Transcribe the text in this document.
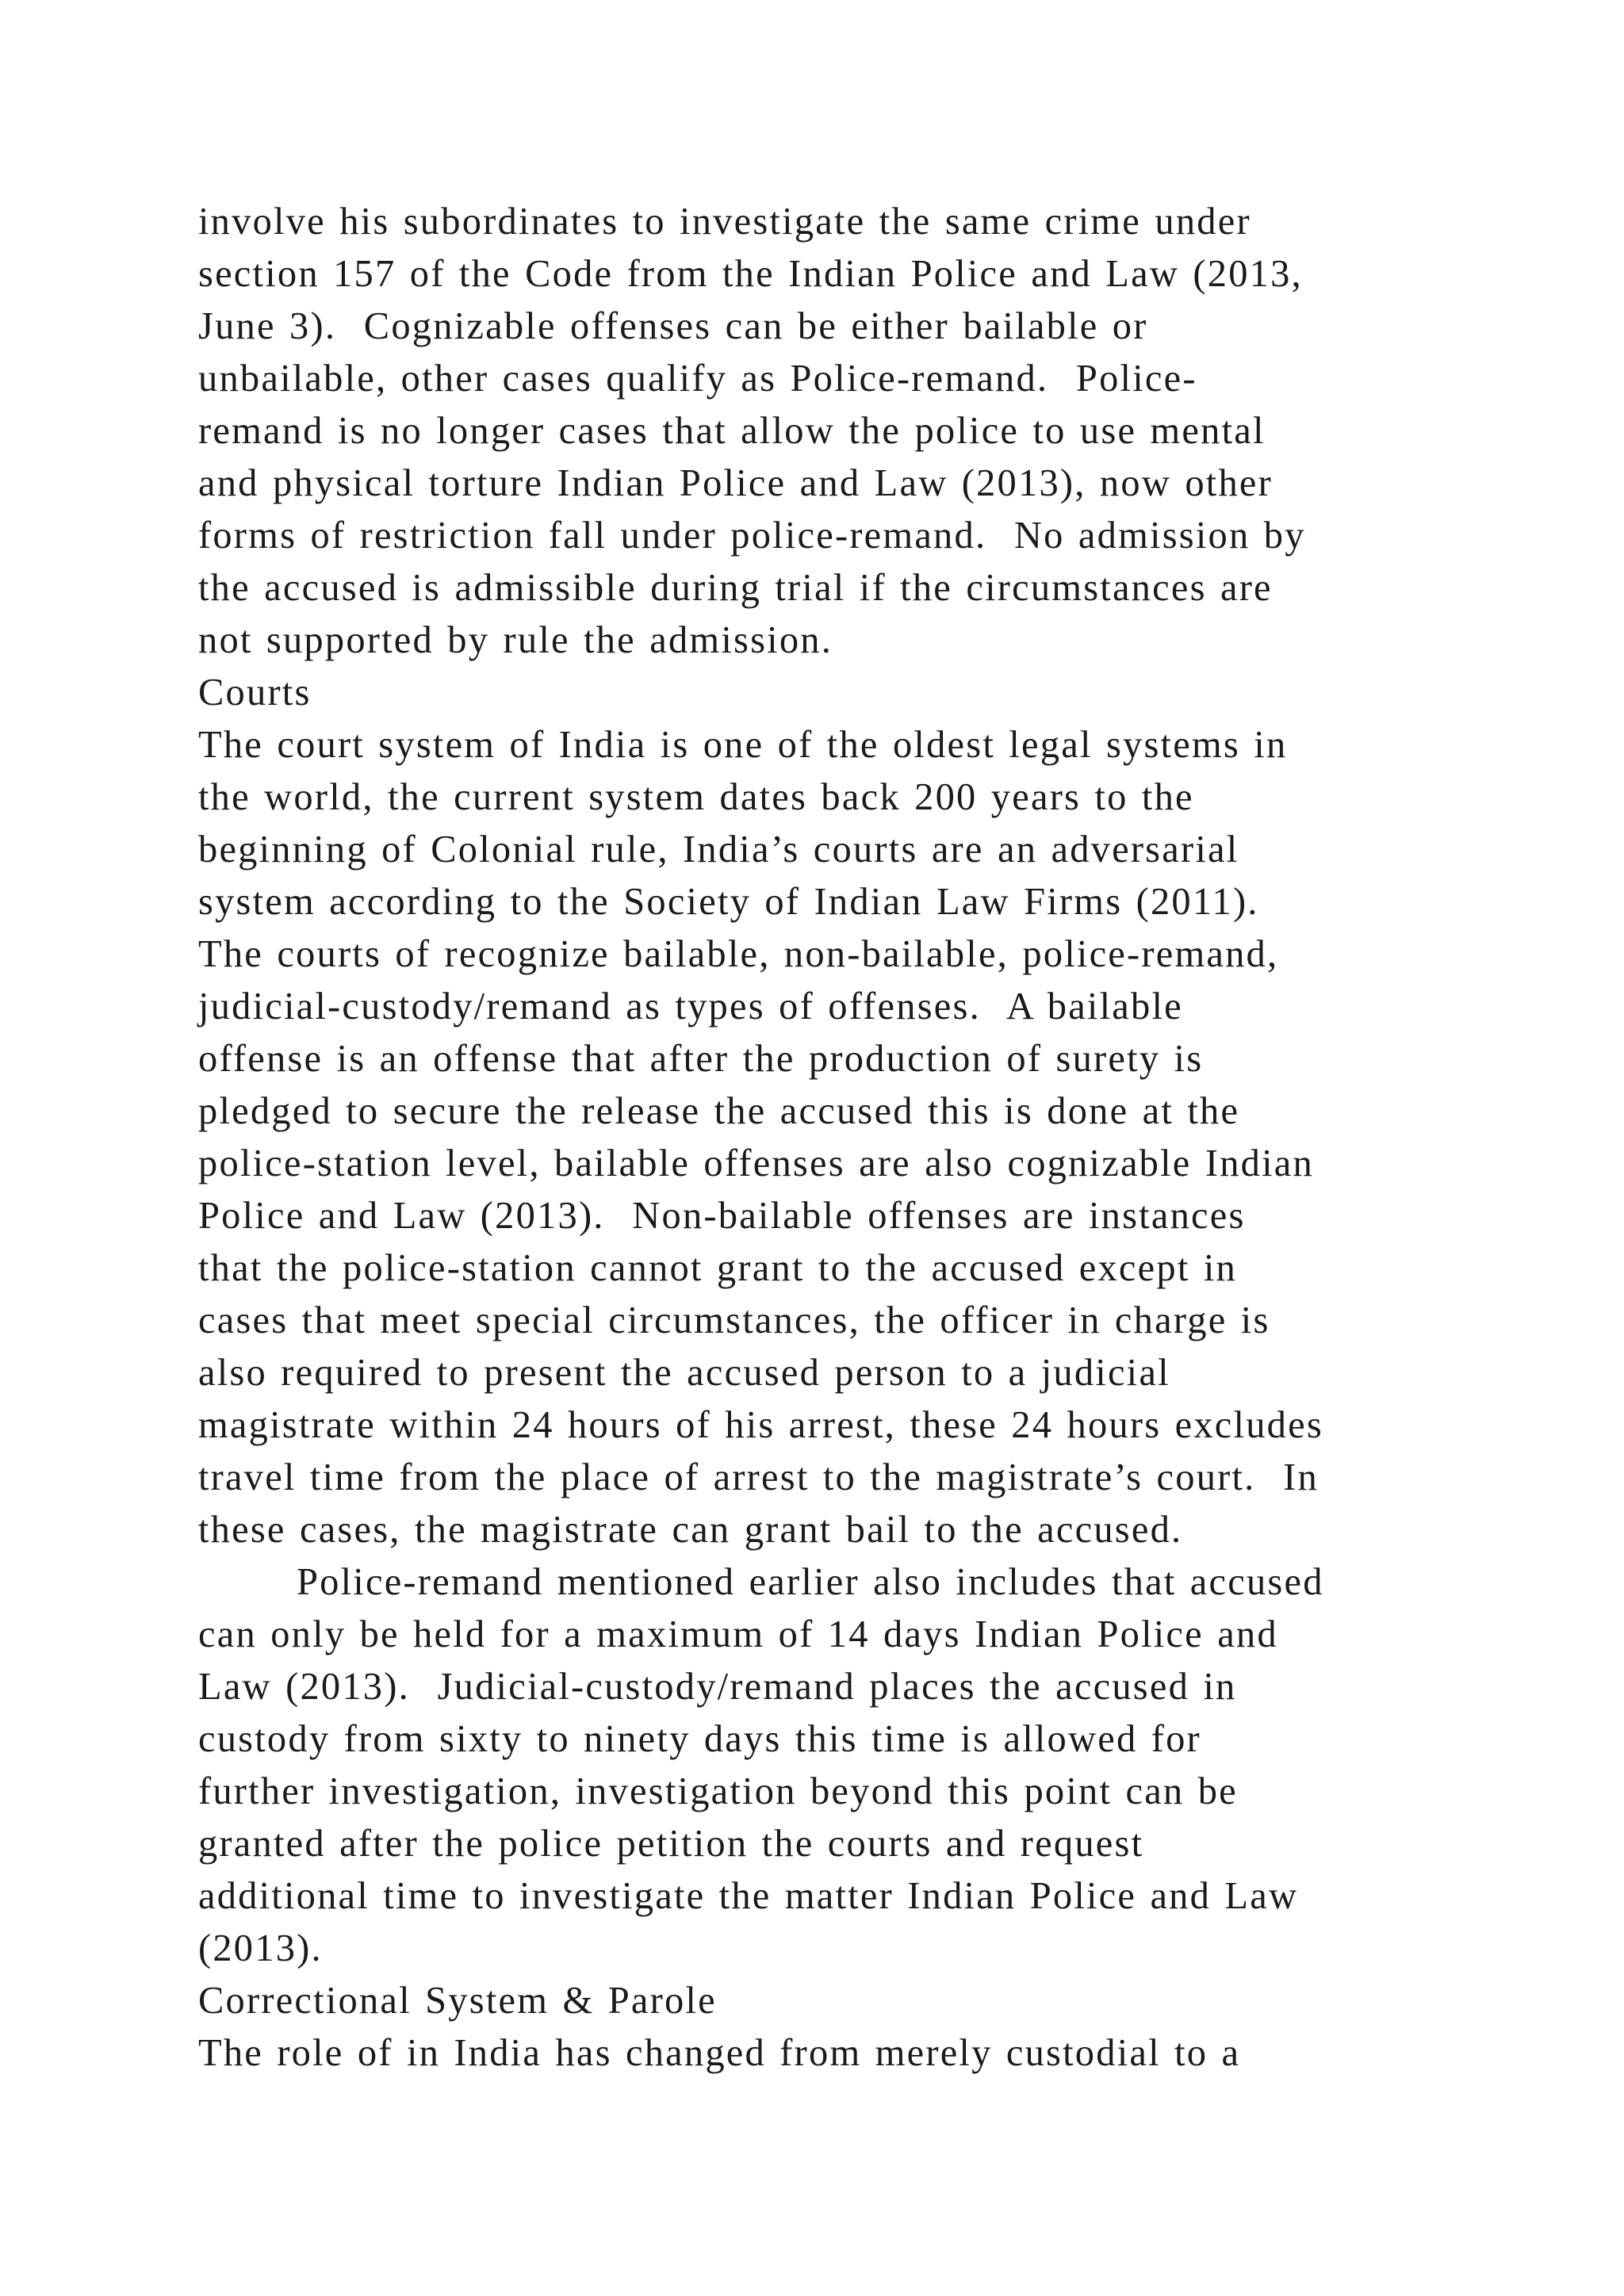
involve his subordinates to investigate the same crime under
section 157 of the Code from the Indian Police and Law (2013,
June 3).  Cognizable offenses can be either bailable or
unbailable, other cases qualify as Police-remand.  Police-
remand is no longer cases that allow the police to use mental
and physical torture Indian Police and Law (2013), now other
forms of restriction fall under police-remand.  No admission by
the accused is admissible during trial if the circumstances are
not supported by rule the admission.
Courts
The court system of India is one of the oldest legal systems in
the world, the current system dates back 200 years to the
beginning of Colonial rule, India’s courts are an adversarial
system according to the Society of Indian Law Firms (2011).
The courts of recognize bailable, non-bailable, police-remand,
judicial-custody/remand as types of offenses.  A bailable
offense is an offense that after the production of surety is
pledged to secure the release the accused this is done at the
police-station level, bailable offenses are also cognizable Indian
Police and Law (2013).  Non-bailable offenses are instances
that the police-station cannot grant to the accused except in
cases that meet special circumstances, the officer in charge is
also required to present the accused person to a judicial
magistrate within 24 hours of his arrest, these 24 hours excludes
travel time from the place of arrest to the magistrate’s court.  In
these cases, the magistrate can grant bail to the accused.
Police-remand mentioned earlier also includes that accused
can only be held for a maximum of 14 days Indian Police and
Law (2013).  Judicial-custody/remand places the accused in
custody from sixty to ninety days this time is allowed for
further investigation, investigation beyond this point can be
granted after the police petition the courts and request
additional time to investigate the matter Indian Police and Law
(2013).
Correctional System & Parole
The role of in India has changed from merely custodial to a
